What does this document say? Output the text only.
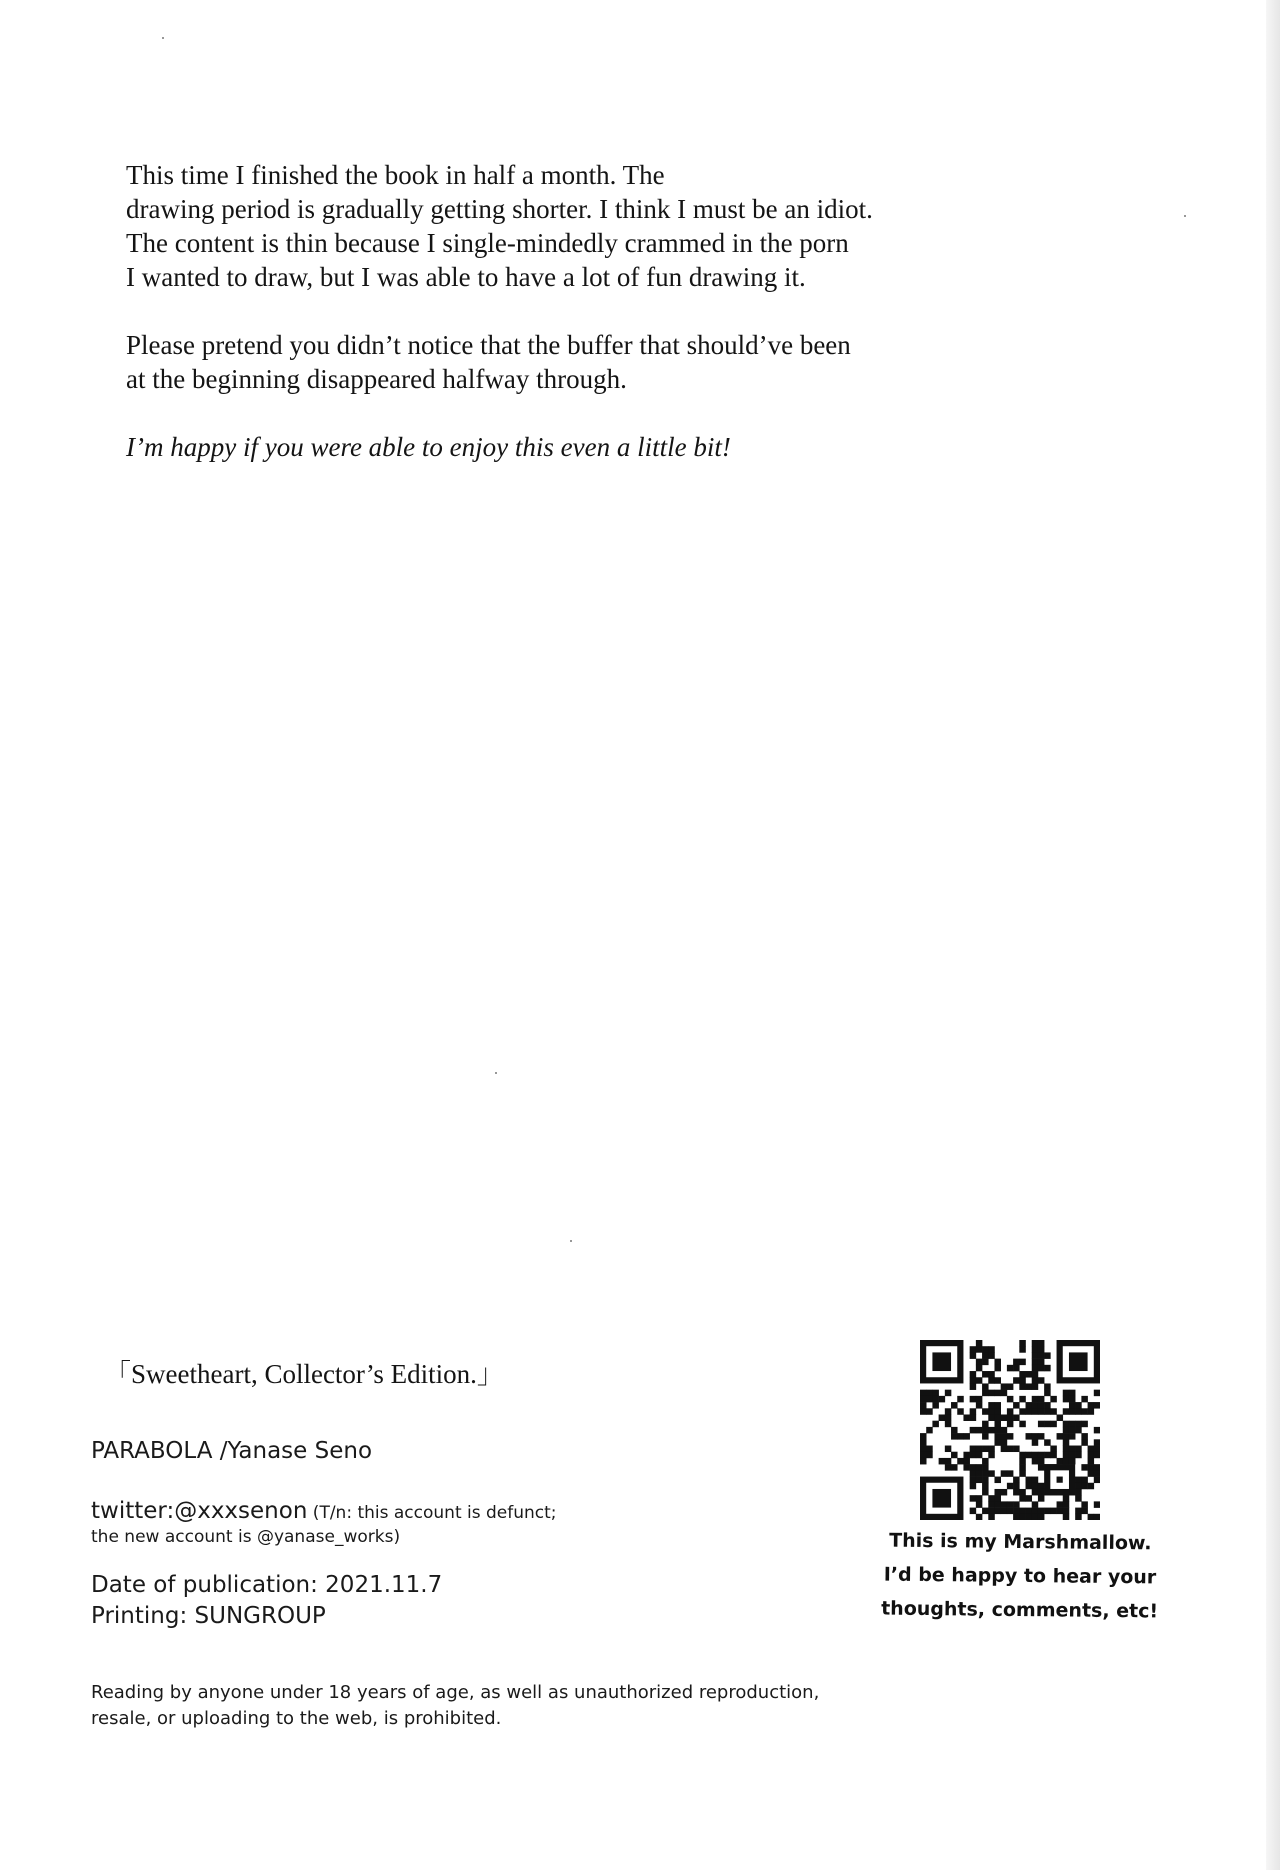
This time I finished the book in half a month. The
drawing period is gradually getting shorter. I think I must be an idiot.
The content is thin because I single-mindedly crammed in the porn
I wanted to draw, but I was able to have a lot of fun drawing it.

Please pretend you didn’t notice that the buffer that should’ve been
at the beginning disappeared halfway through.

I’m happy if you were able to enjoy this even a little bit!

「Sweetheart, Collector’s Edition.」
PARABOLA /Yanase Seno
twitter:@xxxsenon (T/n: this account is defunct;
the new account is @yanase_works)
Date of publication: 2021.11.7
Printing: SUNGROUP
Reading by anyone under 18 years of age, as well as unauthorized reproduction,
resale, or uploading to the web, is prohibited.
This is my Marshmallow.
I’d be happy to hear your
thoughts, comments, etc!
